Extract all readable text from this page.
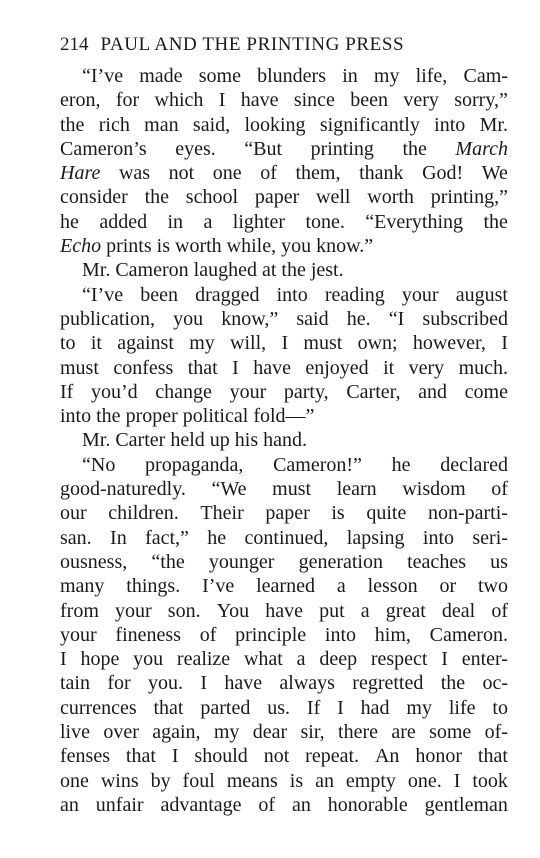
214 PAUL AND THE PRINTING PRESS
“I’ve made some blunders in my life, Cam-
eron, for which I have since been very sorry,”
the rich man said, looking significantly into Mr.
Cameron’s eyes. “But printing the March
Hare was not one of them, thank God! We
consider the school paper well worth printing,”
he added in a lighter tone. “Everything the
Echo prints is worth while, you know.”
Mr. Cameron laughed at the jest.
“I’ve been dragged into reading your august
publication, you know,” said he. “I subscribed
to it against my will, I must own; however, I
must confess that I have enjoyed it very much.
If you’d change your party, Carter, and come
into the proper political fold—”
Mr. Carter held up his hand.
“No propaganda, Cameron!” he declared
good-naturedly. “We must learn wisdom of
our children. Their paper is quite non-parti-
san. In fact,” he continued, lapsing into seri-
ousness, “the younger generation teaches us
many things. I’ve learned a lesson or two
from your son. You have put a great deal of
your fineness of principle into him, Cameron.
I hope you realize what a deep respect I enter-
tain for you. I have always regretted the oc-
currences that parted us. If I had my life to
live over again, my dear sir, there are some of-
fenses that I should not repeat. An honor that
one wins by foul means is an empty one. I took
an unfair advantage of an honorable gentleman
